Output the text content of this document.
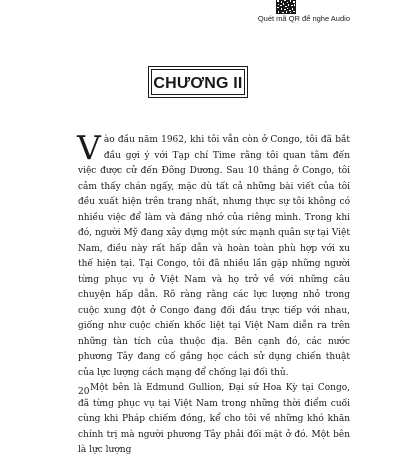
Quét mã QR để nghe Audio
CHƯƠNG II

Vào đầu năm 1962, khi tôi vẫn còn ở Congo, tôi đã bắt đầu gợi ý với Tạp chí Time rằng tôi quan tâm đến việc được cử đến Đông Dương. Sau 10 tháng ở Congo, tôi cảm thấy chán ngấy, mặc dù tất cả những bài viết của tôi đều xuất hiện trên trang nhất, nhưng thực sự tôi không có nhiều việc để làm và đáng nhớ của riêng mình. Trong khi đó, người Mỹ đang xây dựng một sức mạnh quân sự tại Việt Nam, điều này rất hấp dẫn và hoàn toàn phù hợp với xu thế hiện tại. Tại Congo, tôi đã nhiều lần gặp những người từng phục vụ ở Việt Nam và họ trở về với những câu chuyện hấp dẫn. Rõ ràng rằng các lực lượng nhỏ trong cuộc xung đột ở Congo đang đối đầu trực tiếp với nhau, giống như cuộc chiến khốc liệt tại Việt Nam diễn ra trên những tàn tích của thuộc địa. Bên cạnh đó, các nước phương Tây đang cố gắng học cách sử dụng chiến thuật của lực lượng cách mạng để chống lại đối thủ.

Một bên là Edmund Gullion, Đại sứ Hoa Kỳ tại Congo, đã từng phục vụ tại Việt Nam trong những thời điểm cuối cùng khi Pháp chiếm đóng, kể cho tôi về những khó khăn chính trị mà người phương Tây phải đối mặt ở đó. Một bên là lực lượng

20
